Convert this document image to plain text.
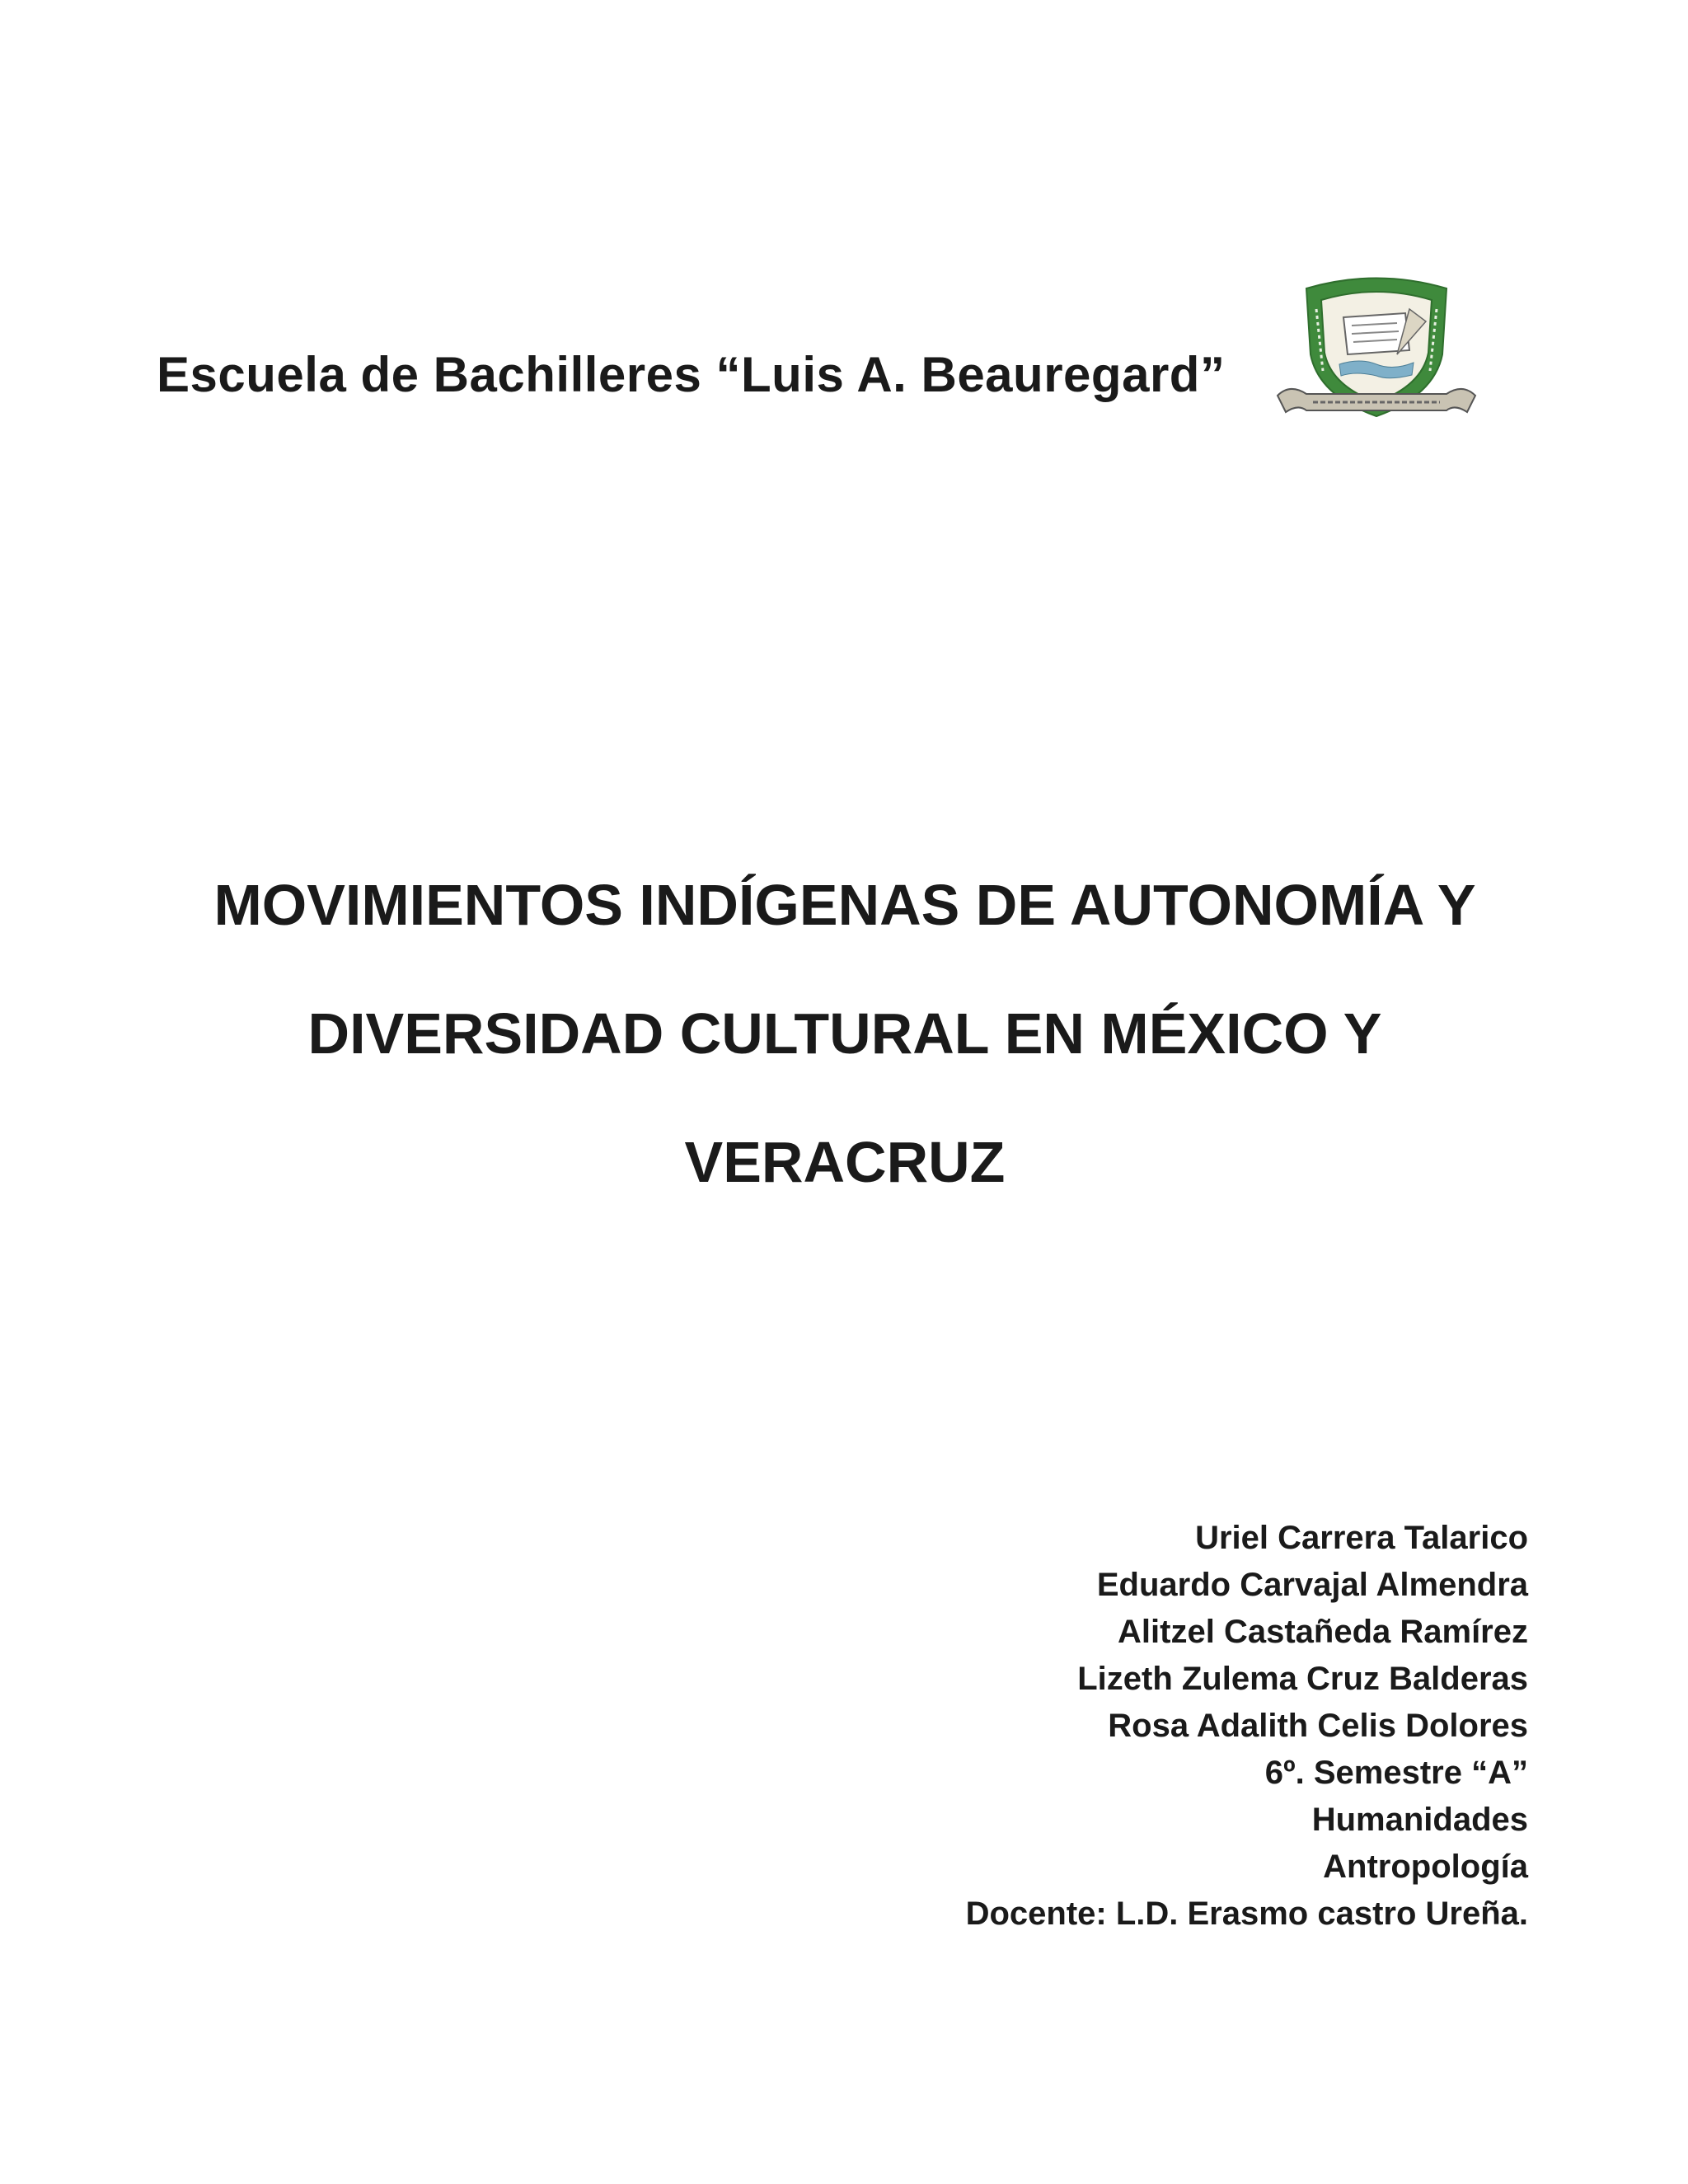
Escuela de Bachilleres “Luis A. Beauregard”
MOVIMIENTOS INDÍGENAS DE AUTONOMÍA Y
DIVERSIDAD CULTURAL EN MÉXICO Y
VERACRUZ
Uriel Carrera Talarico
Eduardo Carvajal Almendra
Alitzel Castañeda Ramírez
Lizeth Zulema Cruz Balderas
Rosa Adalith Celis Dolores
6º. Semestre “A”
Humanidades
Antropología
Docente: L.D. Erasmo castro Ureña.
